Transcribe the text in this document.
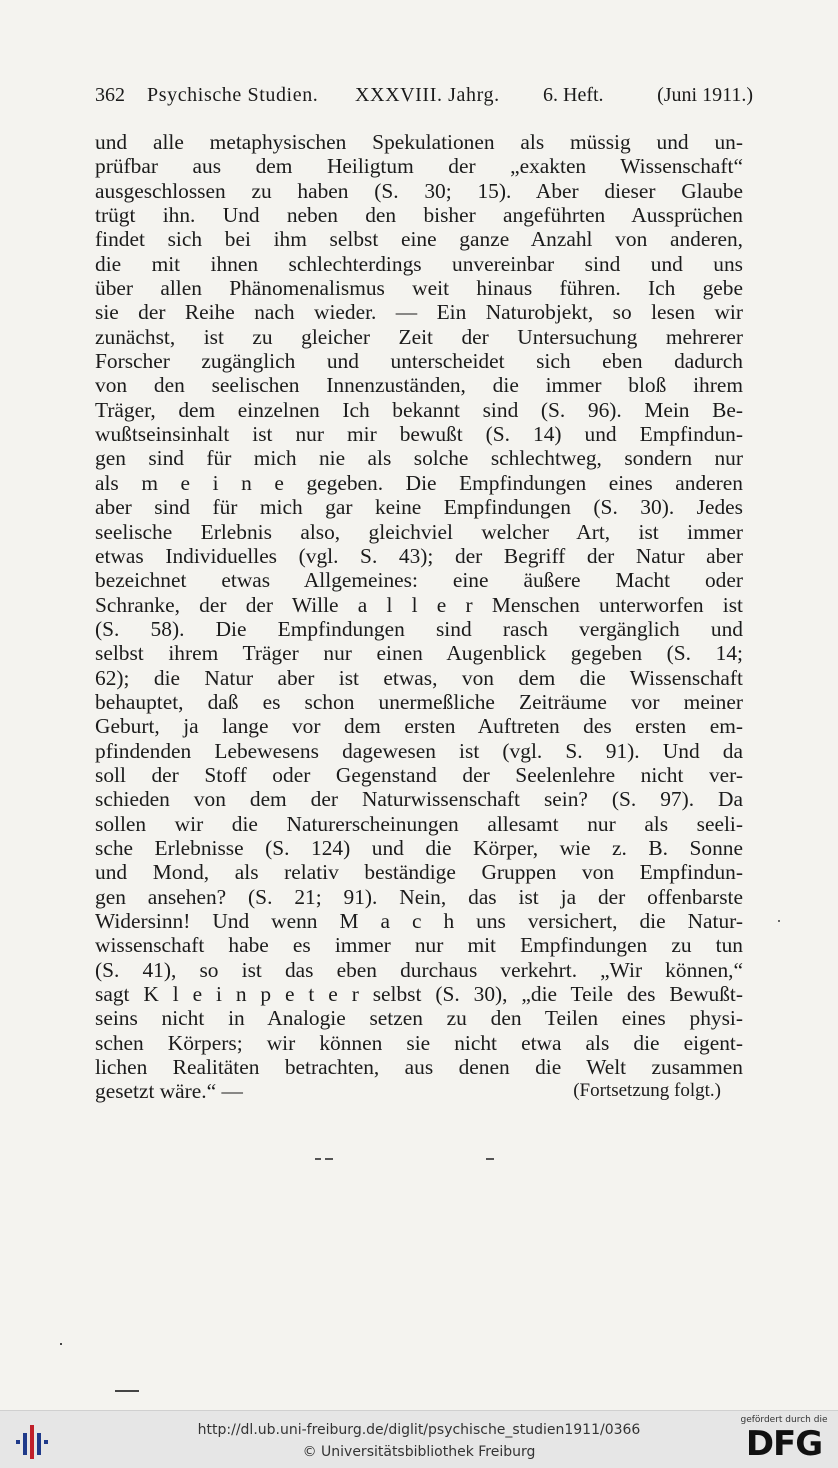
362 Psychische Studien. XXXVIII. Jahrg. 6. Heft.	(Juni 1911.)
und alle metaphysischen Spekulationen als müssig und un-
prüfbar aus dem Heiligtum der „exakten Wissenschaft“
ausgeschlossen zu haben (S. 30; 15). Aber dieser Glaube
trügt ihn. Und neben den bisher angeführten Aussprüchen
findet sich bei ihm selbst eine ganze Anzahl von anderen,
die mit ihnen schlechterdings unvereinbar sind und uns
über allen Phänomenalismus weit hinaus führen. Ich gebe
sie der Reihe nach wieder. — Ein Naturobjekt, so lesen wir
zunächst, ist zu gleicher Zeit der Untersuchung mehrerer
Forscher zugänglich und unterscheidet sich eben dadurch
von den seelischen Innenzuständen, die immer bloß ihrem
Träger, dem einzelnen Ich bekannt sind (S. 96). Mein Be-
wußtseinsinhalt ist nur mir bewußt (S. 14) und Empfindun-
gen sind für mich nie als solche schlechtweg, sondern nur
als m e i n e gegeben. Die Empfindungen eines anderen
aber sind für mich gar keine Empfindungen (S. 30). Jedes
seelische Erlebnis also, gleichviel welcher Art, ist immer
etwas Individuelles (vgl. S. 43); der Begriff der Natur aber
bezeichnet etwas Allgemeines: eine äußere Macht oder
Schranke, der der Wille a l l e r Menschen unterworfen ist
(S. 58). Die Empfindungen sind rasch vergänglich und
selbst ihrem Träger nur einen Augenblick gegeben (S. 14;
62); die Natur aber ist etwas, von dem die Wissenschaft
behauptet, daß es schon unermeßliche Zeiträume vor meiner
Geburt, ja lange vor dem ersten Auftreten des ersten em-
pfindenden Lebewesens dagewesen ist (vgl. S. 91). Und da
soll der Stoff oder Gegenstand der Seelenlehre nicht ver-
schieden von dem der Naturwissenschaft sein? (S. 97). Da
sollen wir die Naturerscheinungen allesamt nur als seeli-
sche Erlebnisse (S. 124) und die Körper, wie z. B. Sonne
und Mond, als relativ beständige Gruppen von Empfindun-
gen ansehen? (S. 21; 91). Nein, das ist ja der offenbarste
Widersinn! Und wenn M a c h uns versichert, die Natur-
wissenschaft habe es immer nur mit Empfindungen zu tun
(S. 41), so ist das eben durchaus verkehrt. „Wir können,“
sagt K l e i n p e t e r selbst (S. 30), „die Teile des Bewußt-
seins nicht in Analogie setzen zu den Teilen eines physi-
schen Körpers; wir können sie nicht etwa als die eigent-
lichen Realitäten betrachten, aus denen die Welt zusammen
gesetzt wäre.“ —	(Fortsetzung folgt.)
http://dl.ub.uni-freiburg.de/diglit/psychische_studien1911/0366
© Universitätsbibliothek Freiburg
gefördert durch die
DFG
